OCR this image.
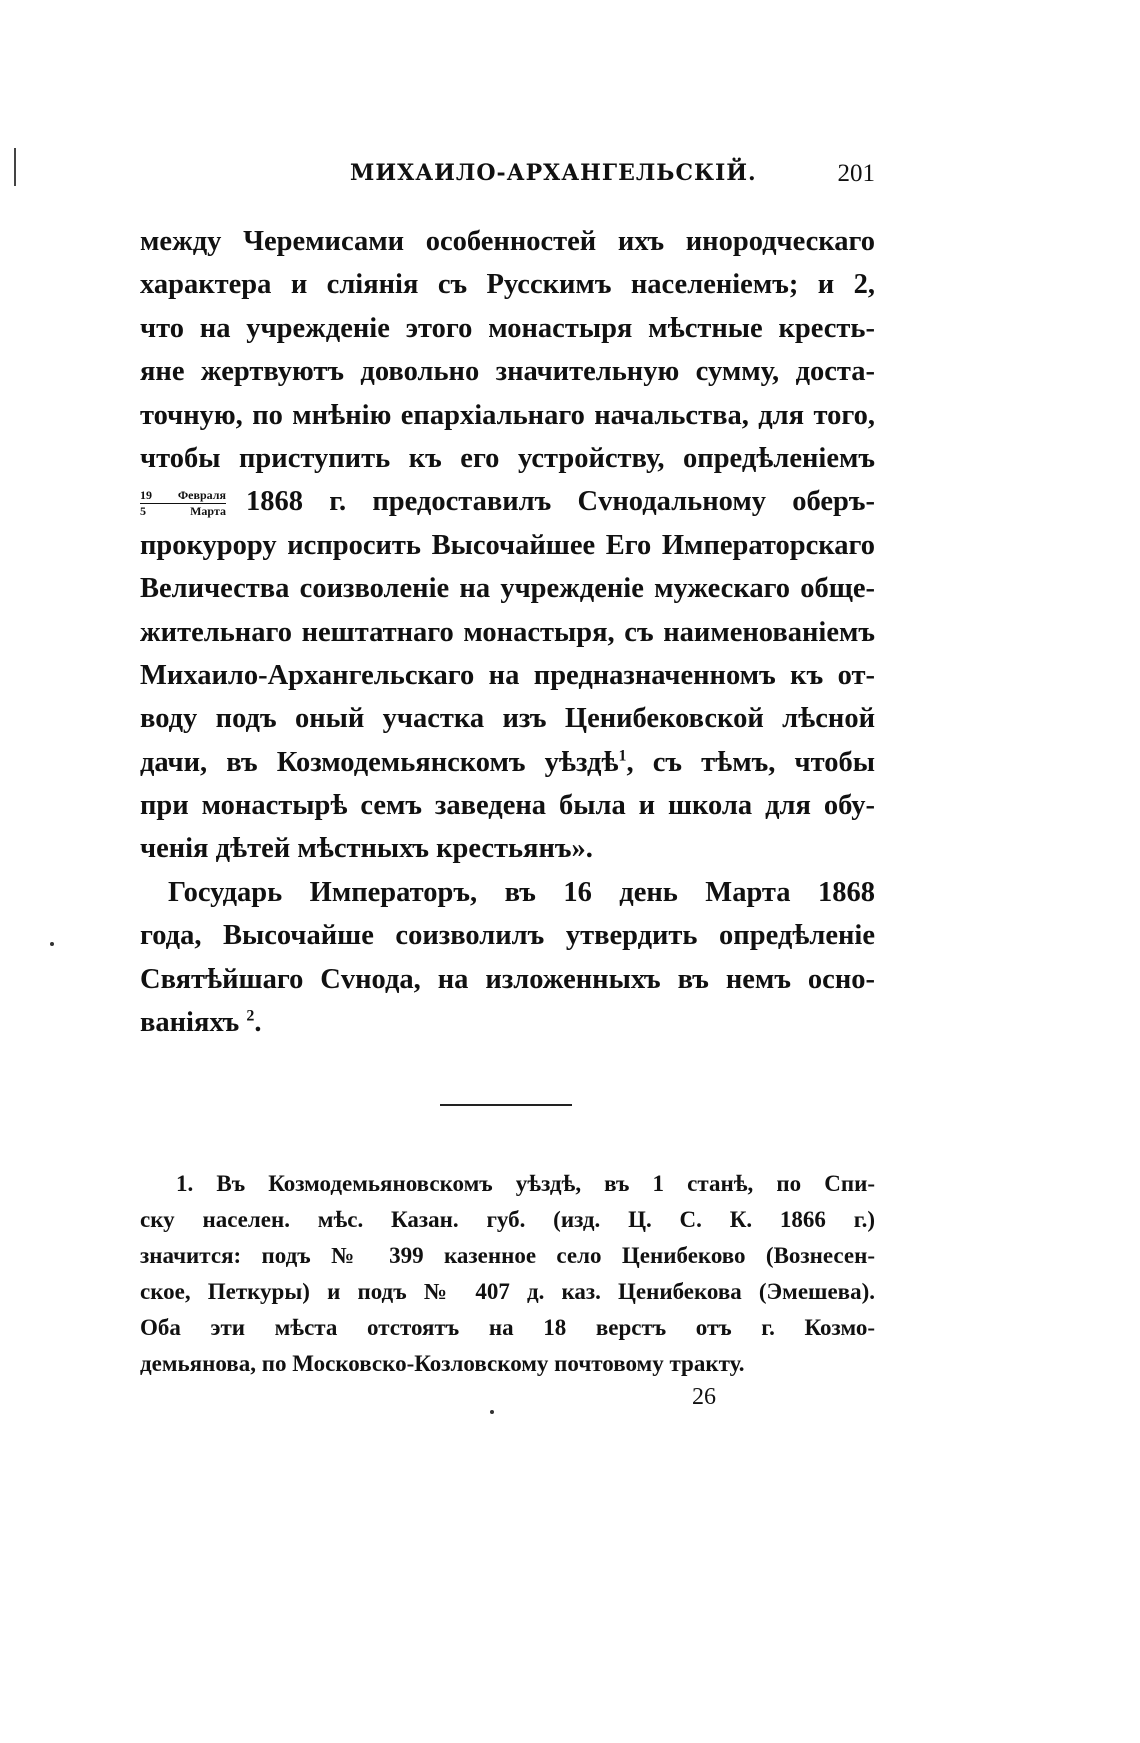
МИХАИЛО-АРХАНГЕЛЬСКІЙ.	201
между Черемисами особенностей ихъ инородческаго
характера и сліянія съ Русскимъ населеніемъ; и 2,
что на учрежденіе этого монастыря мѣстные кресть-
яне жертвуютъ довольно значительную сумму, доста-
точную, по мнѣнію епархіальнаго начальства, для того,
чтобы приступить къ его устройству, опредѣленіемъ
$\frac{\text{19 Февраля}}{\text{5 Марта}} 1868$ г. предоставилъ Сvнодальному оберъ-
прокурору испросить Высочайшее Его Императорскаго
Величества соизволеніе на учрежденіе мужескаго обще-
жительнаго нештатнаго монастыря, съ наименованіемъ
Михаило-Архангельскаго на предназначенномъ къ от-
воду подъ оный участка изъ Ценибековской лѣсной
дачи, въ Козмодемьянскомъ уѣздѣ$^1$, съ тѣмъ, чтобы
при монастырѣ семъ заведена была и школа для обу-
ченія дѣтей мѣстныхъ крестьянъ».
Государь Императоръ, въ 16 день Марта 1868
года, Высочайше соизволилъ утвердить опредѣленіе
Святѣйшаго Сvнода, на изложенныхъ въ немъ осно-
ваніяхъ $^2$.
1. Въ Козмодемьяновскомъ уѣздѣ, въ 1 станѣ, по Спи-
ску населен. мѣс. Казан. губ. (изд. Ц. С. К. 1866 г.)
значится: подъ № 399 казенное село Ценибеково (Вознесен-
ское, Петкуры) и подъ № 407 д. каз. Ценибекова (Эмешева).
Оба эти мѣста отстоятъ на 18 верстъ отъ г. Козмо-
демьянова, по Московско-Козловскому почтовому тракту.
26
